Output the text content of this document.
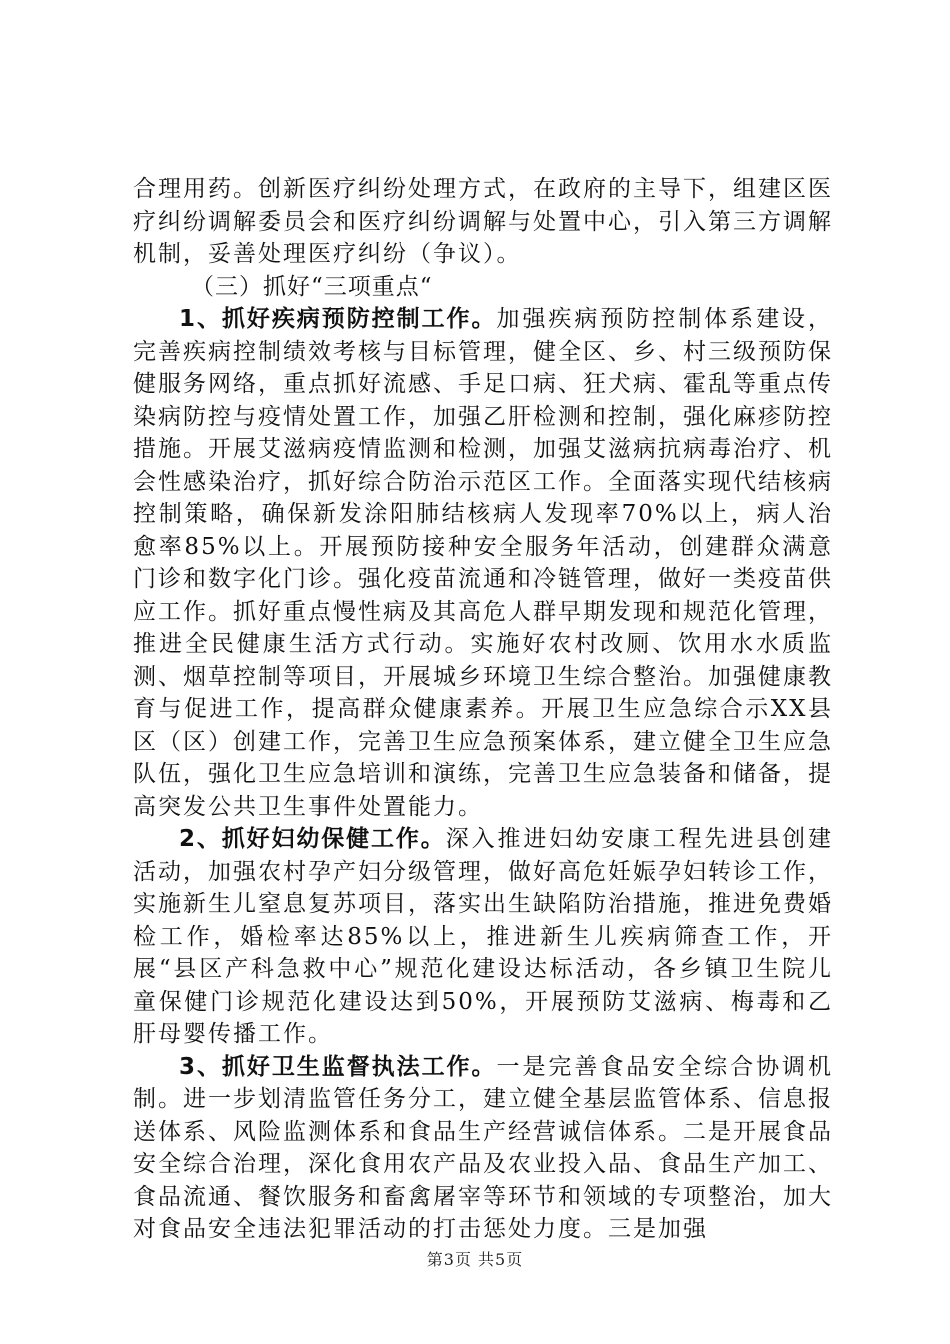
合理用药。创新医疗纠纷处理方式，在政府的主导下，组建区医疗纠纷调解委员会和医疗纠纷调解与处置中心，引入第三方调解机制，妥善处理医疗纠纷（争议）。

（三）抓好“三项重点“

1、抓好疾病预防控制工作。加强疾病预防控制体系建设，完善疾病控制绩效考核与目标管理，健全区、乡、村三级预防保健服务网络，重点抓好流感、手足口病、狂犬病、霍乱等重点传染病防控与疫情处置工作，加强乙肝检测和控制，强化麻疹防控措施。开展艾滋病疫情监测和检测，加强艾滋病抗病毒治疗、机会性感染治疗，抓好综合防治示范区工作。全面落实现代结核病控制策略，确保新发涂阳肺结核病人发现率70%以上，病人治愈率85%以上。开展预防接种安全服务年活动，创建群众满意门诊和数字化门诊。强化疫苗流通和冷链管理，做好一类疫苗供应工作。抓好重点慢性病及其高危人群早期发现和规范化管理，推进全民健康生活方式行动。实施好农村改厕、饮用水水质监测、烟草控制等项目，开展城乡环境卫生综合整治。加强健康教育与促进工作，提高群众健康素养。开展卫生应急综合示XX县区（区）创建工作，完善卫生应急预案体系，建立健全卫生应急队伍，强化卫生应急培训和演练，完善卫生应急装备和储备，提高突发公共卫生事件处置能力。

2、抓好妇幼保健工作。深入推进妇幼安康工程先进县创建活动，加强农村孕产妇分级管理，做好高危妊娠孕妇转诊工作，实施新生儿窒息复苏项目，落实出生缺陷防治措施，推进免费婚检工作，婚检率达85%以上，推进新生儿疾病筛查工作，开展“县区产科急救中心”规范化建设达标活动，各乡镇卫生院儿童保健门诊规范化建设达到50%，开展预防艾滋病、梅毒和乙肝母婴传播工作。

3、抓好卫生监督执法工作。一是完善食品安全综合协调机制。进一步划清监管任务分工，建立健全基层监管体系、信息报送体系、风险监测体系和食品生产经营诚信体系。二是开展食品安全综合治理，深化食用农产品及农业投入品、食品生产加工、食品流通、餐饮服务和畜禽屠宰等环节和领域的专项整治，加大对食品安全违法犯罪活动的打击惩处力度。三是加强

第3页 共5页
